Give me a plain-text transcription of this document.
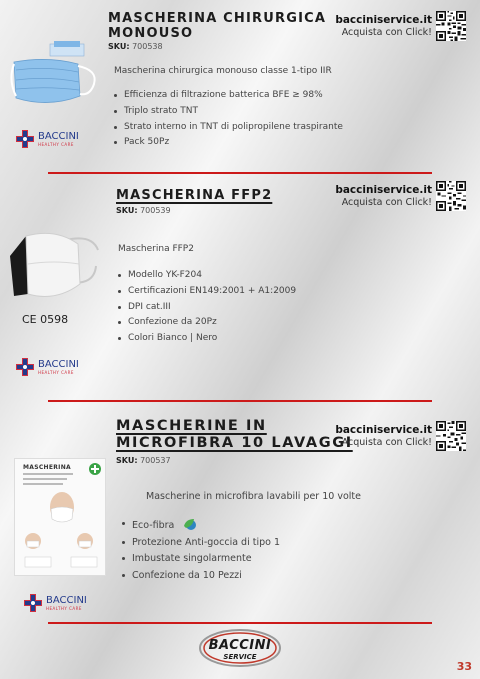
MASCHERINA CHIRURGICA
MONOUSO
SKU: 700538
bacciniservice.it
Acquista con Click!
BACCINI
HEALTHY CARE
Mascherina chirurgica monouso classe 1-tipo IIR
Efficienza di filtrazione batterica BFE ≥ 98%
Triplo strato TNT
Strato interno in TNT di polipropilene traspirante
Pack 50Pz
MASCHERINA FFP2
SKU: 700539
bacciniservice.it
Acquista con Click!
CE 0598
BACCINI
HEALTHY CARE
Mascherina FFP2
Modello YK-F204
Certificazioni EN149:2001 + A1:2009
DPI cat.III
Confezione da 20Pz
Colori Bianco | Nero
MASCHERINE IN
MICROFIBRA 10 LAVAGGI
SKU: 700537
bacciniservice.it
Acquista con Click!
MASCHERINA
BACCINI
HEALTHY CARE
Mascherine in microfibra lavabili per 10 volte
Eco-fibra
Protezione Anti-goccia di tipo 1
Imbustate singolarmente
Confezione da 10 Pezzi
BACCINI
SERVICE
33
